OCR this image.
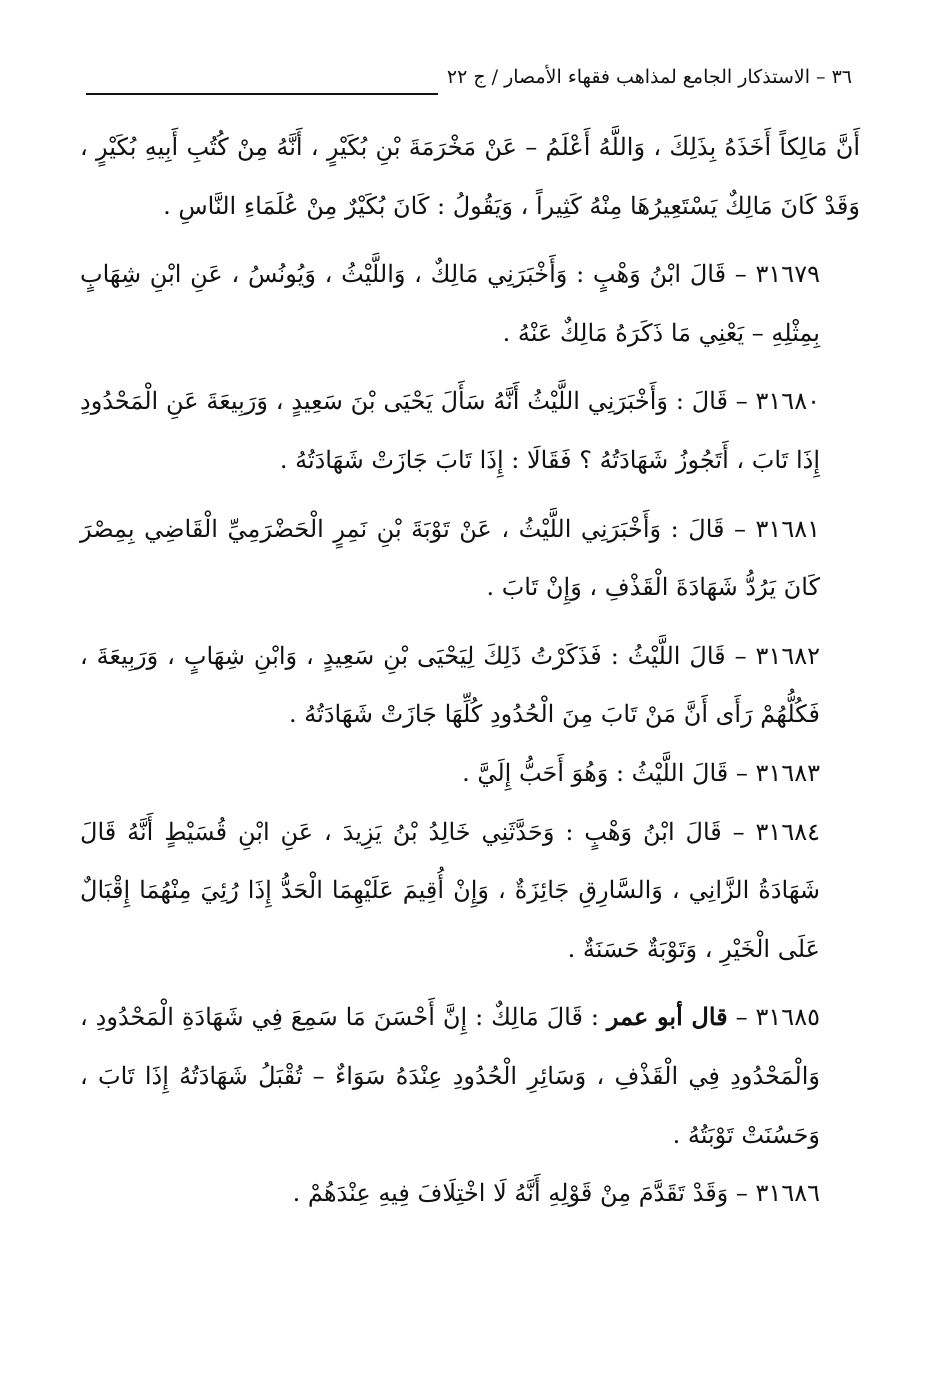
٣٦ – الاستذكار الجامع لمذاهب فقهاء الأمصار / ج ٢٢

أَنَّ مَالِكاً أَخَذَهُ بِذَلِكَ ، وَاللَّهُ أَعْلَمُ – عَنْ مَخْرَمَةَ بْنِ بُكَيْرٍ ، أَنَّهُ مِنْ كُتُبِ أَبِيهِ بُكَيْرٍ ، وَقَدْ كَانَ مَالِكٌ يَسْتَعِيرُهَا مِنْهُ كَثِيراً ، وَيَقُولُ : كَانَ بُكَيْرٌ مِنْ عُلَمَاءِ النَّاسِ .

٣١٦٧٩ – قَالَ ابْنُ وَهْبٍ : وَأَخْبَرَنِي مَالِكٌ ، وَاللَّيْثُ ، وَيُونُسُ ، عَنِ ابْنِ شِهَابٍ بِمِثْلِهِ – يَعْنِي مَا ذَكَرَهُ مَالِكٌ عَنْهُ .

٣١٦٨٠ – قَالَ : وَأَخْبَرَنِي اللَّيْثُ أَنَّهُ سَأَلَ يَحْيَى بْنَ سَعِيدٍ ، وَرَبِيعَةَ عَنِ الْمَحْدُودِ إِذَا تَابَ ، أَتَجُوزُ شَهَادَتُهُ ؟ فَقَالَا : إِذَا تَابَ جَازَتْ شَهَادَتُهُ .

٣١٦٨١ – قَالَ : وَأَخْبَرَنِي اللَّيْثُ ، عَنْ تَوْبَةَ بْنِ نَمِرٍ الْحَضْرَمِيِّ الْقَاضِي بِمِصْرَ كَانَ يَرُدُّ شَهَادَةَ الْقَذْفِ ، وَإِنْ تَابَ .

٣١٦٨٢ – قَالَ اللَّيْثُ : فَذَكَرْتُ ذَلِكَ لِيَحْيَى بْنِ سَعِيدٍ ، وَابْنِ شِهَابٍ ، وَرَبِيعَةَ ، فَكُلُّهُمْ رَأَى أَنَّ مَنْ تَابَ مِنَ الْحُدُودِ كُلِّهَا جَازَتْ شَهَادَتُهُ .

٣١٦٨٣ – قَالَ اللَّيْثُ : وَهُوَ أَحَبُّ إِلَيَّ .

٣١٦٨٤ – قَالَ ابْنُ وَهْبٍ : وَحَدَّثَنِي خَالِدُ بْنُ يَزِيدَ ، عَنِ ابْنِ قُسَيْطٍ أَنَّهُ قَالَ شَهَادَةُ الزَّانِي ، وَالسَّارِقِ جَائِزَةٌ ، وَإِنْ أُقِيمَ عَلَيْهِمَا الْحَدُّ إِذَا رُئِيَ مِنْهُمَا إِقْبَالٌ عَلَى الْخَيْرِ ، وَتَوْبَةٌ حَسَنَةٌ .

٣١٦٨٥ – قال أبو عمر : قَالَ مَالِكٌ : إِنَّ أَحْسَنَ مَا سَمِعَ فِي شَهَادَةِ الْمَحْدُودِ ، وَالْمَحْدُودِ فِي الْقَذْفِ ، وَسَائِرِ الْحُدُودِ عِنْدَهُ سَوَاءٌ – تُقْبَلُ شَهَادَتُهُ إِذَا تَابَ ، وَحَسُنَتْ تَوْبَتُهُ .

٣١٦٨٦ – وَقَدْ تَقَدَّمَ مِنْ قَوْلِهِ أَنَّهُ لَا اخْتِلَافَ فِيهِ عِنْدَهُمْ .
